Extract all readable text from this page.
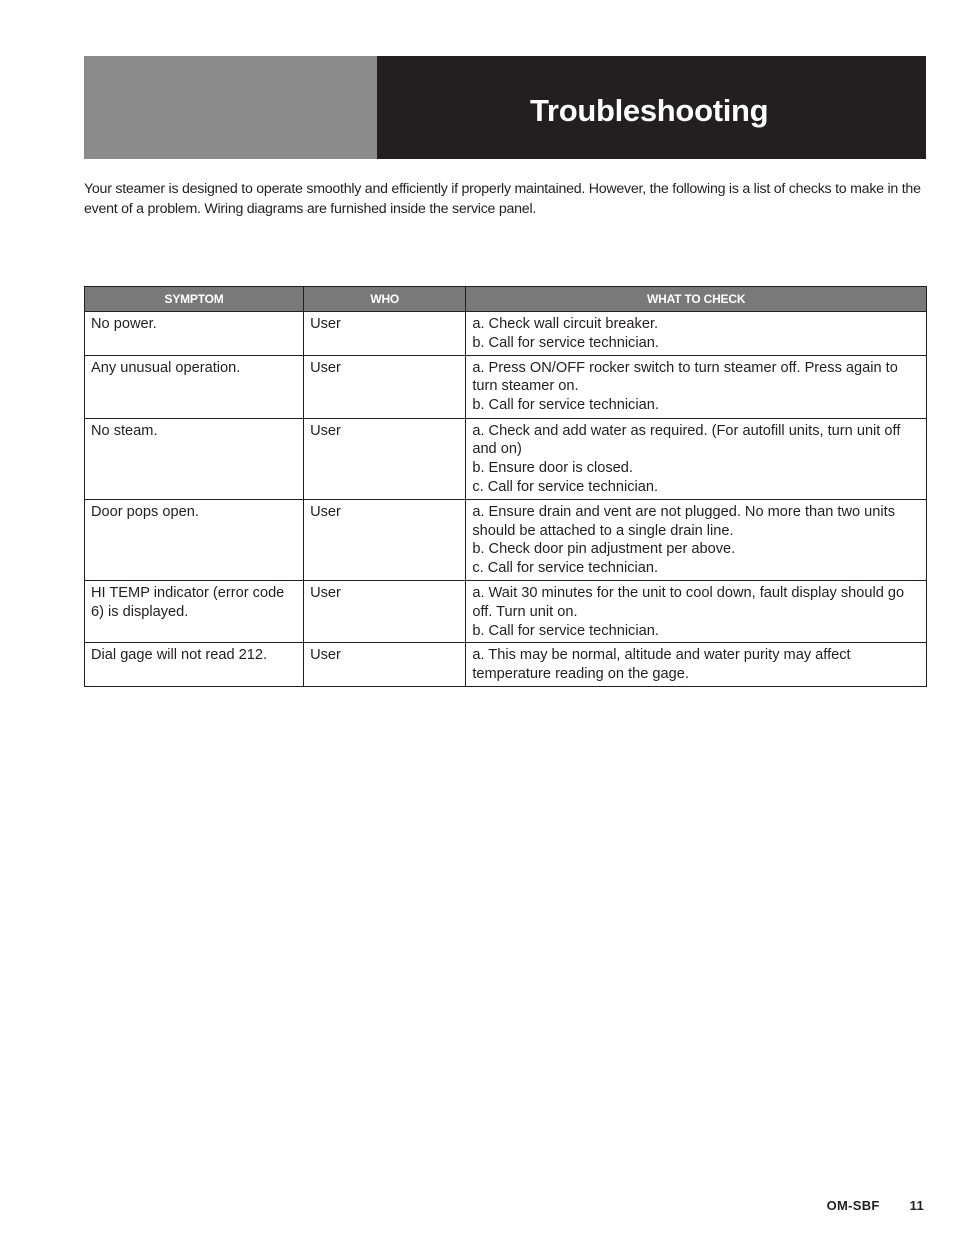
Troubleshooting

Your steamer is designed to operate smoothly and efficiently if properly maintained. However, the following is a list of checks to make in the event of a problem. Wiring diagrams are furnished inside the service panel.

SYMPTOM	WHO	WHAT TO CHECK
No power.	User	a. Check wall circuit breaker.
b. Call for service technician.

Any unusual operation.	User	a. Press ON/OFF rocker switch to turn steamer off. Press again to turn steamer on.
b. Call for service technician.

No steam.	User	a. Check and add water as required. (For autofill units, turn unit off and on)
b. Ensure door is closed.
c. Call for service technician.

Door pops open.	User	a. Ensure drain and vent are not plugged. No more than two units should be attached to a single drain line.
b. Check door pin adjustment per above.
c. Call for service technician.

HI TEMP indicator (error code 6) is displayed.	User	a. Wait 30 minutes for the unit to cool down, fault display should go off. Turn unit on.
b. Call for service technician.

Dial gage will not read 212.	User	a. This may be normal, altitude and water purity may affect temperature reading on the gage.
OM-SBF 11
